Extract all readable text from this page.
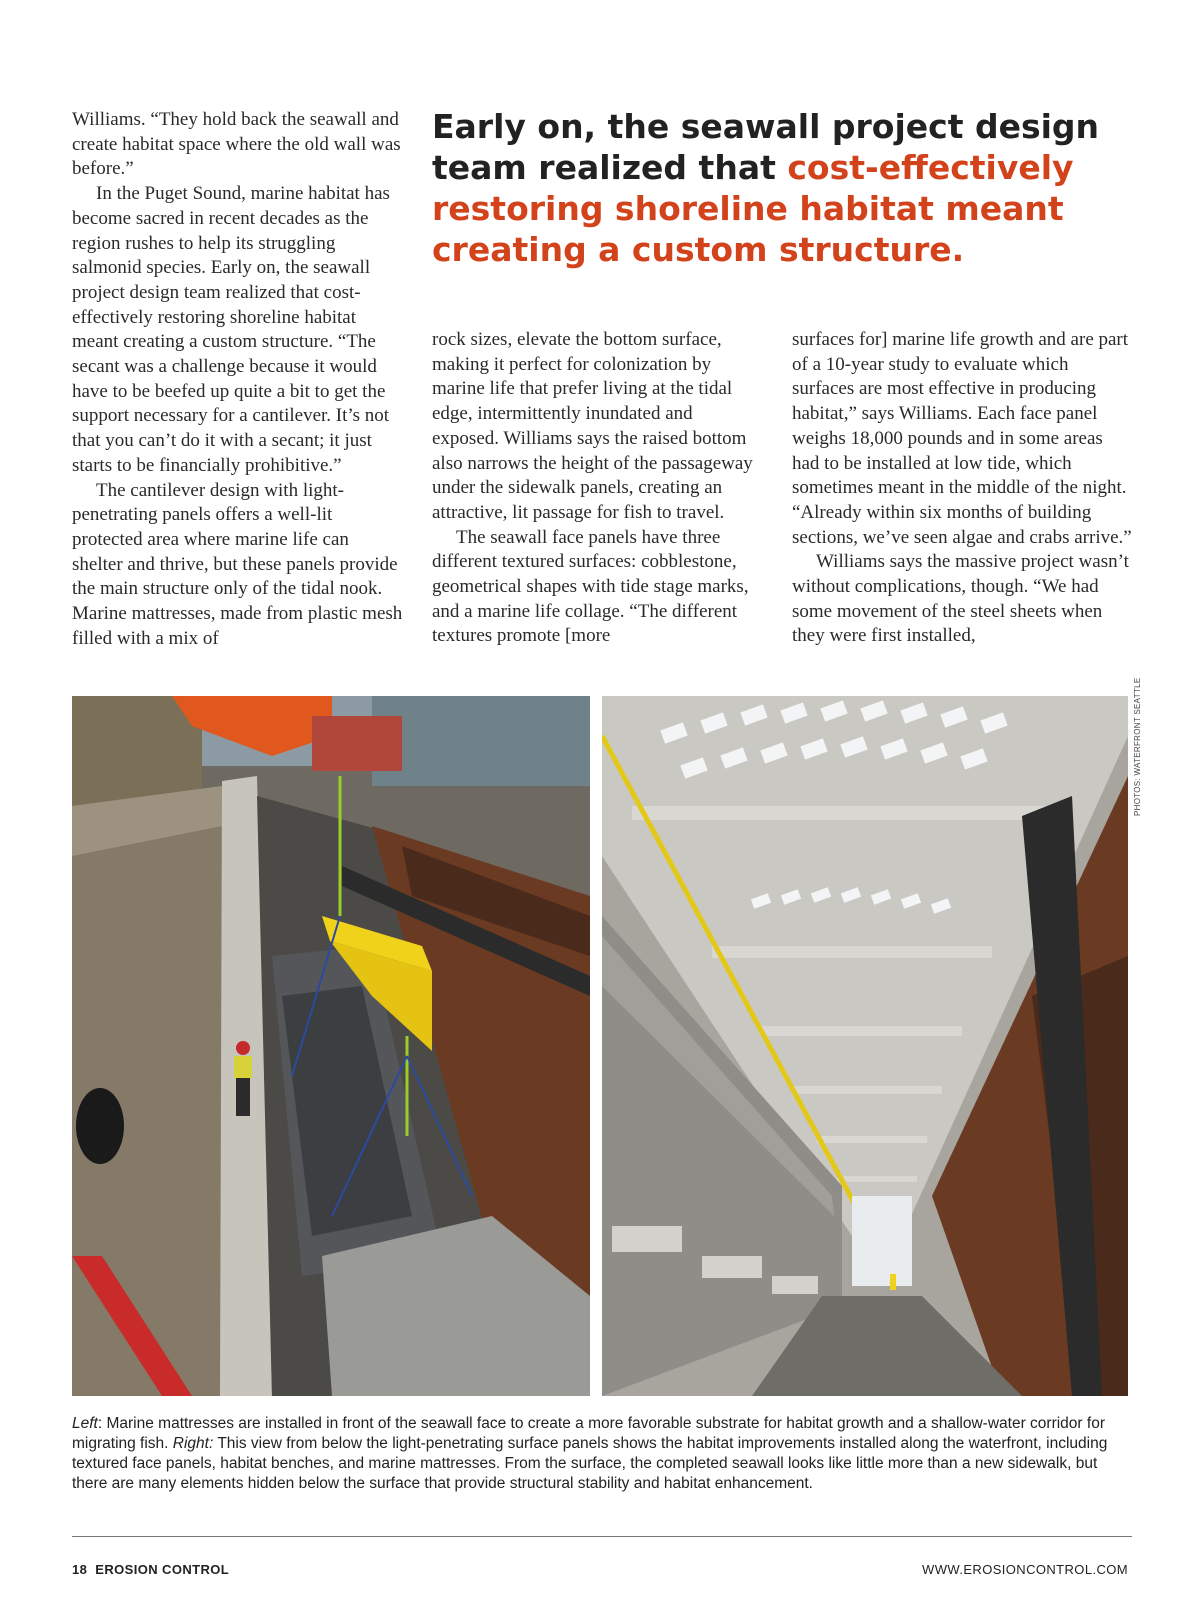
Williams. “They hold back the seawall and create habitat space where the old wall was before.”

In the Puget Sound, marine habitat has become sacred in recent decades as the region rushes to help its struggling salmonid species. Early on, the seawall project design team realized that cost-effectively restoring shoreline habitat meant creating a custom structure. “The secant was a challenge because it would have to be beefed up quite a bit to get the support necessary for a cantilever. It’s not that you can’t do it with a secant; it just starts to be financially prohibitive.”

The cantilever design with light-penetrating panels offers a well-lit protected area where marine life can shelter and thrive, but these panels provide the main structure only of the tidal nook. Marine mattresses, made from plastic mesh filled with a mix of

Early on, the seawall project design team realized that cost-effectively restoring shoreline habitat meant creating a custom structure.

rock sizes, elevate the bottom surface, making it perfect for colonization by marine life that prefer living at the tidal edge, intermittently inundated and exposed. Williams says the raised bottom also narrows the height of the passageway under the sidewalk panels, creating an attractive, lit passage for fish to travel.

The seawall face panels have three different textured surfaces: cobblestone, geometrical shapes with tide stage marks, and a marine life collage. “The different textures promote [more

surfaces for] marine life growth and are part of a 10-year study to evaluate which surfaces are most effective in producing habitat,” says Williams. Each face panel weighs 18,000 pounds and in some areas had to be installed at low tide, which sometimes meant in the middle of the night. “Already within six months of building sections, we’ve seen algae and crabs arrive.”

Williams says the massive project wasn’t without complications, though. “We had some movement of the steel sheets when they were first installed,

PHOTOS: WATERFRONT SEATTLE
Left: Marine mattresses are installed in front of the seawall face to create a more favorable substrate for habitat growth and a shallow-water corridor for migrating fish. Right: This view from below the light-penetrating surface panels shows the habitat improvements installed along the waterfront, including textured face panels, habitat benches, and marine mattresses. From the surface, the completed seawall looks like little more than a new sidewalk, but there are many elements hidden below the surface that provide structural stability and habitat enhancement.
18 EROSION CONTROL	WWW.EROSIONCONTROL.COM
